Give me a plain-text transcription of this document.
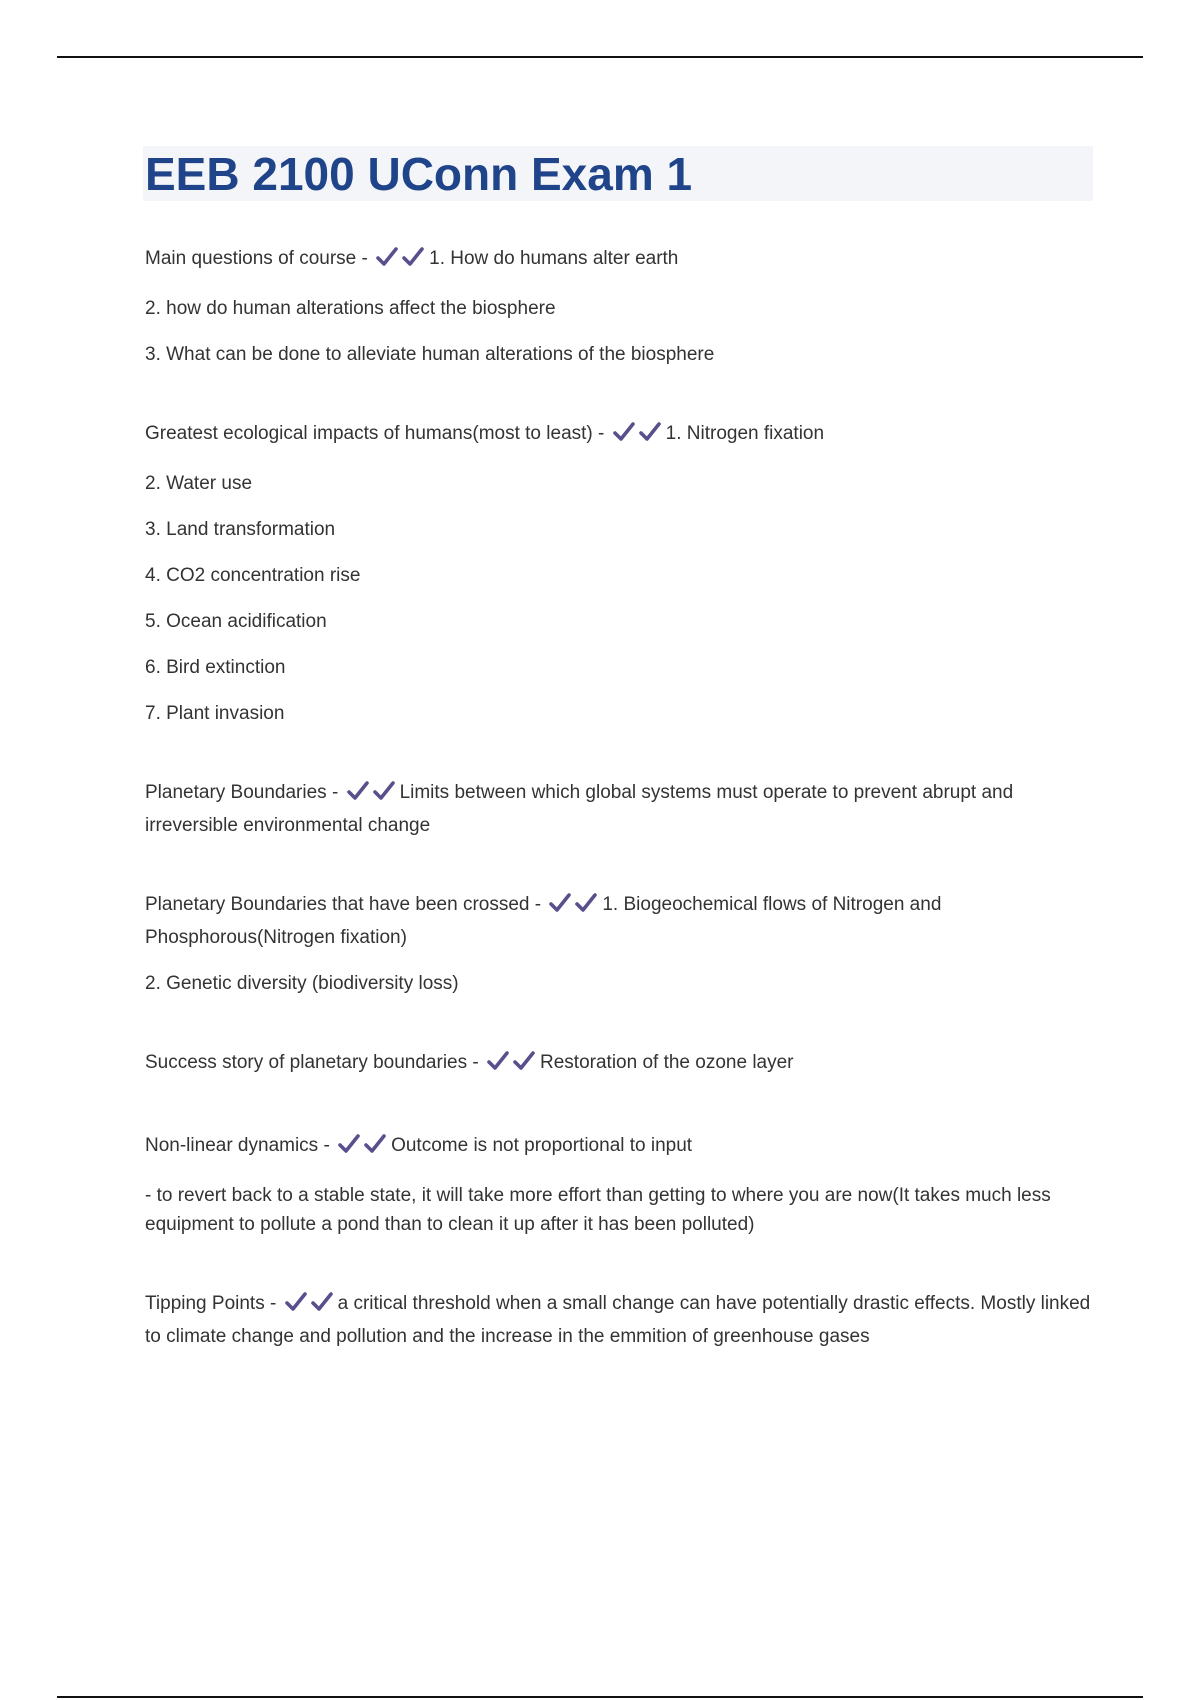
EEB 2100 UConn Exam 1
Main questions of course -	1. How do humans alter earth
2. how do human alterations affect the biosphere
3. What can be done to alleviate human alterations of the biosphere
Greatest ecological impacts of humans(most to least) -	1. Nitrogen fixation
2. Water use
3. Land transformation
4. CO2 concentration rise
5. Ocean acidification
6. Bird extinction
7. Plant invasion
Planetary Boundaries -	Limits between which global systems must operate to prevent abrupt and irreversible environmental change
Planetary Boundaries that have been crossed -	1. Biogeochemical flows of Nitrogen and Phosphorous(Nitrogen fixation)
2. Genetic diversity (biodiversity loss)
Success story of planetary boundaries -	Restoration of the ozone layer
Non-linear dynamics -	Outcome is not proportional to input
- to revert back to a stable state, it will take more effort than getting to where you are now(It takes much less equipment to pollute a pond than to clean it up after it has been polluted)
Tipping Points -	a critical threshold when a small change can have potentially drastic effects. Mostly linked to climate change and pollution and the increase in the emmition of greenhouse gases
